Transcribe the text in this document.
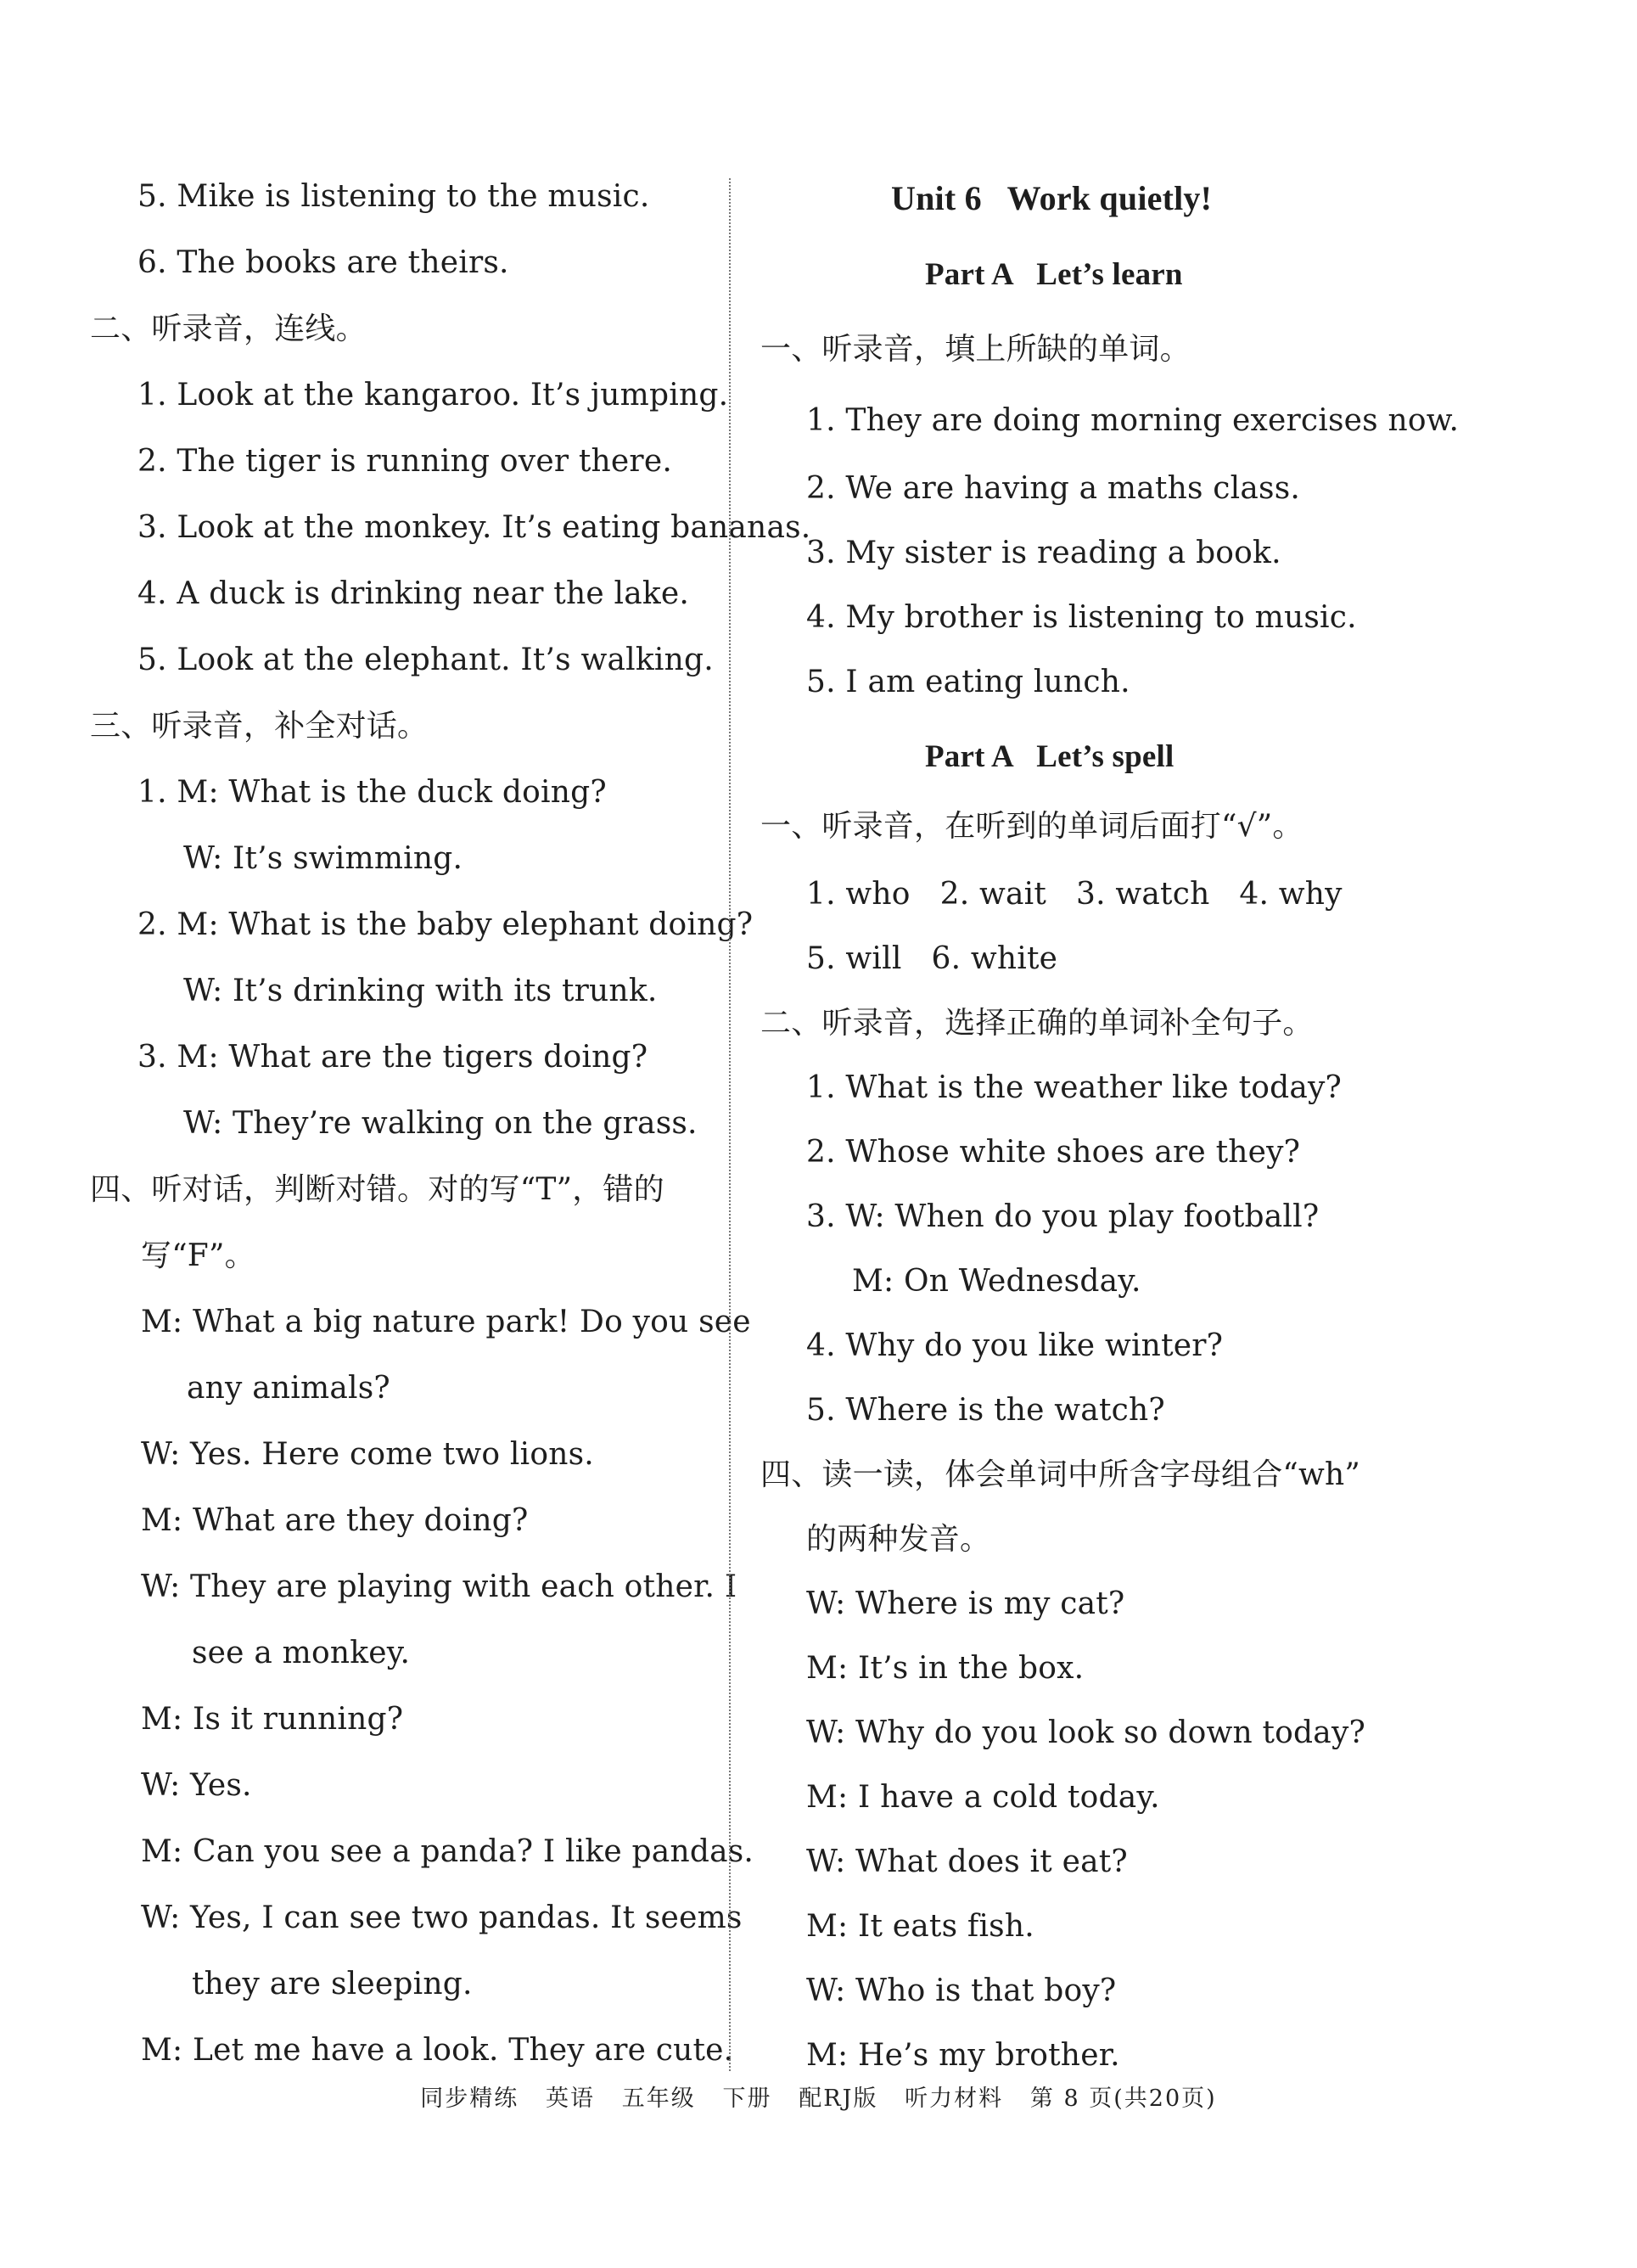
5. Mike is listening to the music.
6. The books are theirs.
二、听录音，连线。
1. Look at the kangaroo. It’s jumping.
2. The tiger is running over there.
3. Look at the monkey. It’s eating bananas.
4. A duck is drinking near the lake.
5. Look at the elephant. It’s walking.
三、听录音，补全对话。
1. M: What is the duck doing?
W: It’s swimming.
2. M: What is the baby elephant doing?
W: It’s drinking with its trunk.
3. M: What are the tigers doing?
W: They’re walking on the grass.
四、听对话，判断对错。对的写“T”，错的
写“F”。
M: What a big nature park! Do you see
any animals?
W: Yes. Here come two lions.
M: What are they doing?
W: They are playing with each other. I
see a monkey.
M: Is it running?
W: Yes.
M: Can you see a panda? I like pandas.
W: Yes, I can see two pandas. It seems
they are sleeping.
M: Let me have a look. They are cute.
Unit 6   Work quietly!
Part A   Let’s learn
一、听录音，填上所缺的单词。
1. They are doing morning exercises now.
2. We are having a maths class.
3. My sister is reading a book.
4. My brother is listening to music.
5. I am eating lunch.
Part A   Let’s spell
一、听录音，在听到的单词后面打“√”。
1. who   2. wait   3. watch   4. why
5. will   6. white
二、听录音，选择正确的单词补全句子。
1. What is the weather like today?
2. Whose white shoes are they?
3. W: When do you play football?
M: On Wednesday.
4. Why do you like winter?
5. Where is the watch?
四、读一读，体会单词中所含字母组合“wh”
的两种发音。
W: Where is my cat?
M: It’s in the box.
W: Why do you look so down today?
M: I have a cold today.
W: What does it eat?
M: It eats fish.
W: Who is that boy?
M: He’s my brother.
同步精练   英语   五年级   下册   配RJ版   听力材料   第 8 页(共20页)
